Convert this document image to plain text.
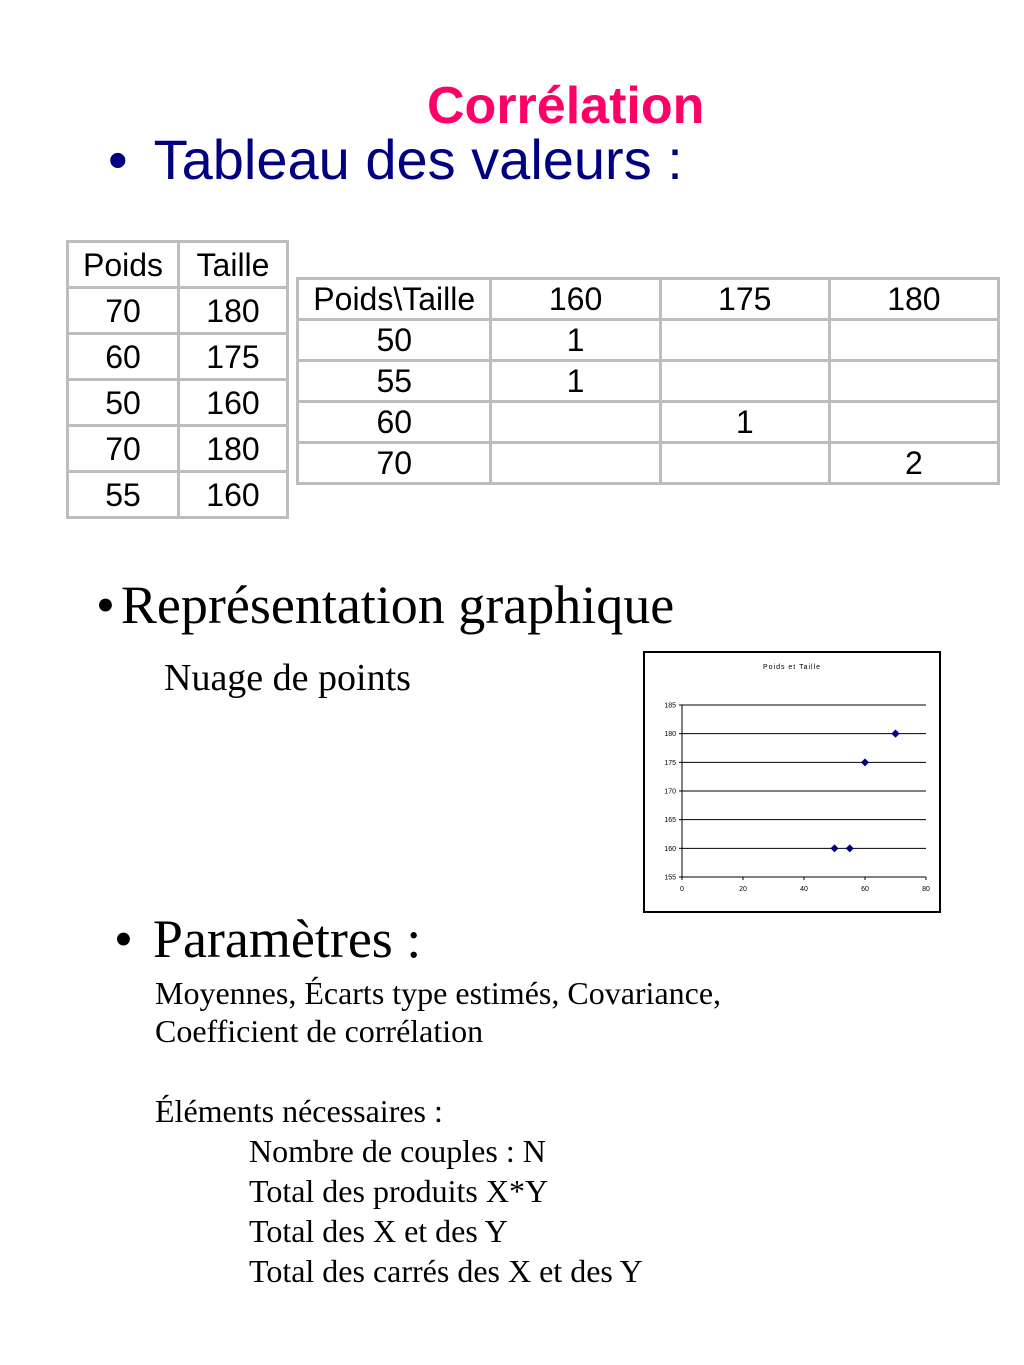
Corrélation
• Tableau des valeurs :
Poids	Taille
70	180
60	175
50	160
70	180
55	160
Poids\Taille	160	175	180
50	1		
55	1		
60		1	
70			2
• Représentation graphique
Nuage de points	Poids et Taille
155
160
165
170
175
180
185
0	20	40	60	80
• Paramètres :
Moyennes, Écarts type estimés, Covariance,
Coefficient de corrélation
Éléments nécessaires :
Nombre de couples : N
Total des produits X*Y
Total des X et des Y
Total des carrés des X et des Y
